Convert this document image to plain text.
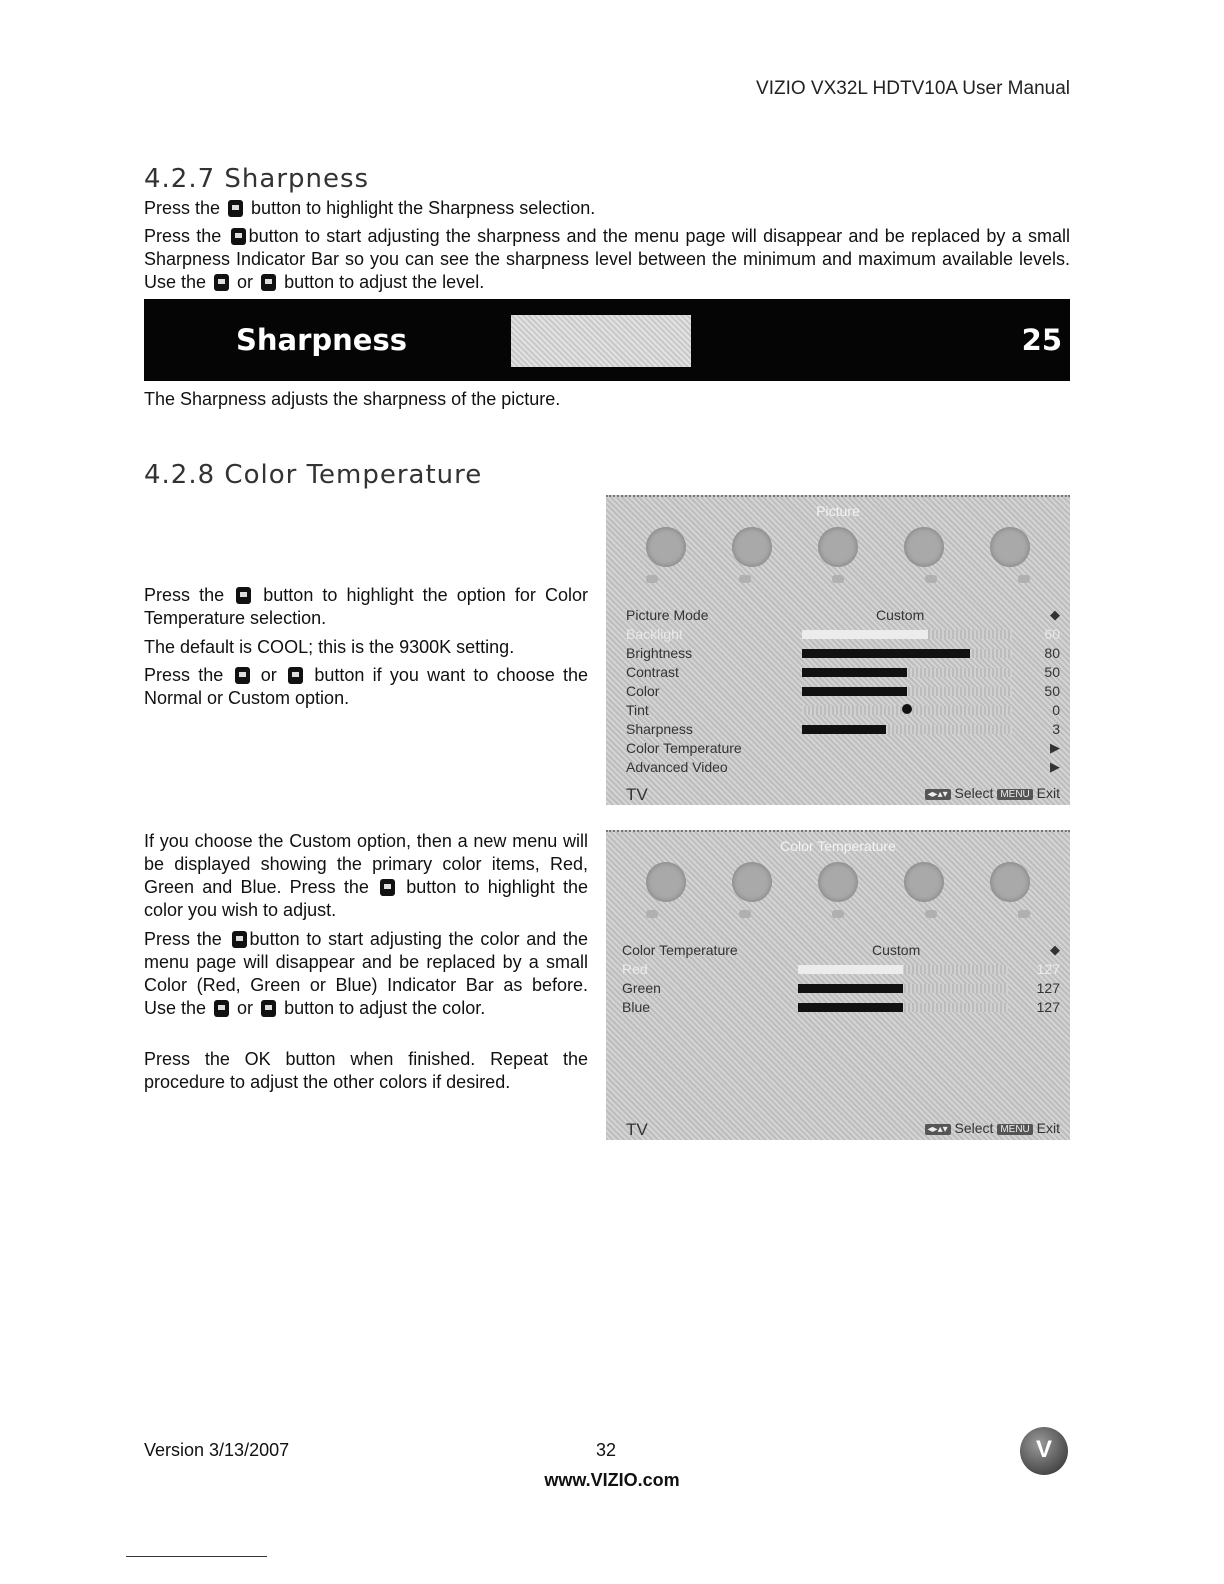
VIZIO VX32L HDTV10A User Manual
4.2.7 Sharpness

Press the  button to highlight the Sharpness selection.

Press the button to start adjusting the sharpness and the menu page will disappear and be replaced by a small Sharpness Indicator Bar so you can see the sharpness level between the minimum and maximum available levels. Use the  or  button to adjust the level.

Sharpness	25

The Sharpness adjusts the sharpness of the picture.

4.2.8 Color Temperature

Press the  button to highlight the option for Color Temperature selection.

The default is COOL; this is the 9300K setting.

Press the  or  button if you want to choose the Normal or Custom option.

If you choose the Custom option, then a new menu will be displayed showing the primary color items, Red, Green and Blue. Press the  button to highlight the color you wish to adjust.

Press the button to start adjusting the color and the menu page will disappear and be replaced by a small Color (Red, Green or Blue) Indicator Bar as before. Use the  or  button to adjust the color.

Press the OK button when finished. Repeat the procedure to adjust the other colors if desired.

Picture
Picture Mode	Custom	◆
Backlight	60
Brightness	80
Contrast	50
Color	50
Tint	0
Sharpness	3
Color Temperature	▶
Advanced Video	▶
TV	◂▸▴▾ Select MENU Exit
Color Temperature
Color Temperature	Custom	◆
Red	127
Green	127
Blue	127
TV	◂▸▴▾ Select MENU Exit
Version 3/13/2007	32
www.VIZIO.com
V
